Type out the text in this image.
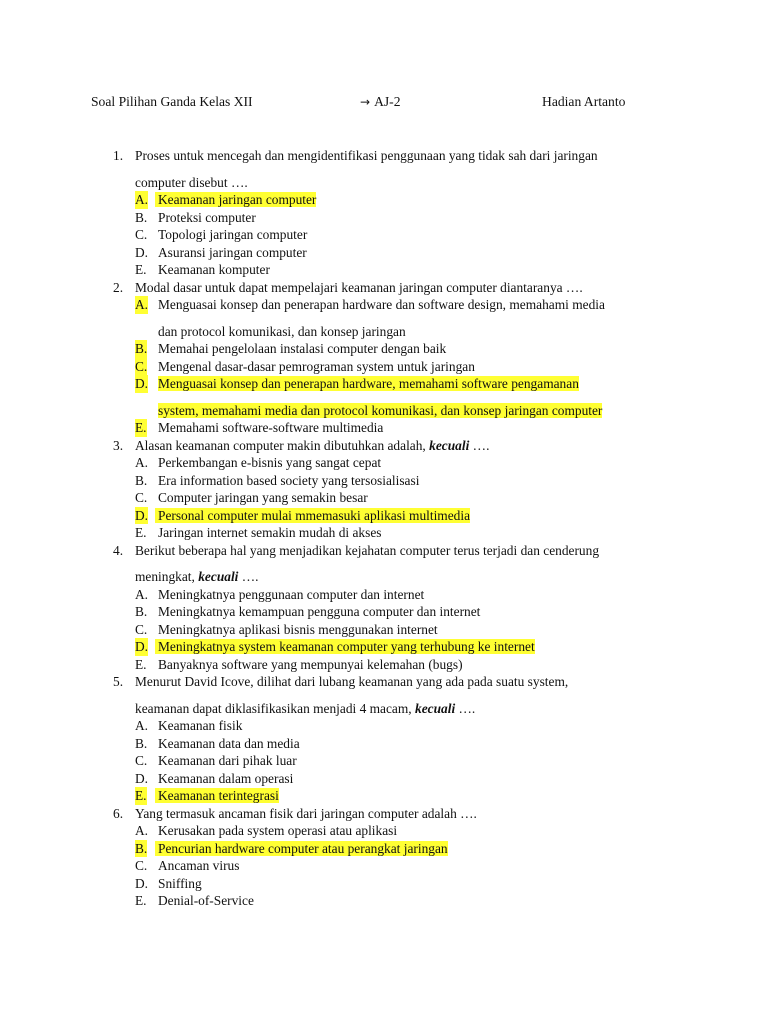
Soal Pilihan Ganda Kelas XII	→ AJ-2	Hadian Artanto
1. Proses untuk mencegah dan mengidentifikasi penggunaan yang tidak sah dari jaringan
computer disebut ….
A. Keamanan jaringan computer
B. Proteksi computer
C. Topologi jaringan computer
D. Asuransi jaringan computer
E. Keamanan komputer
2. Modal dasar untuk dapat mempelajari keamanan jaringan computer diantaranya ….
A. Menguasai konsep dan penerapan hardware dan software design, memahami media
dan protocol komunikasi, dan konsep jaringan
B. Memahai pengelolaan instalasi computer dengan baik
C. Mengenal dasar-dasar pemrograman system untuk jaringan
D. Menguasai konsep dan penerapan hardware, memahami software pengamanan
system, memahami media dan protocol komunikasi, dan konsep jaringan computer
E. Memahami software-software multimedia
3. Alasan keamanan computer makin dibutuhkan adalah, kecuali ….
A. Perkembangan e-bisnis yang sangat cepat
B. Era information based society yang tersosialisasi
C. Computer jaringan yang semakin besar
D. Personal computer mulai mmemasuki aplikasi multimedia
E. Jaringan internet semakin mudah di akses
4. Berikut beberapa hal yang menjadikan kejahatan computer terus terjadi dan cenderung
meningkat, kecuali ….
A. Meningkatnya penggunaan computer dan internet
B. Meningkatnya kemampuan pengguna computer dan internet
C. Meningkatnya aplikasi bisnis menggunakan internet
D. Meningkatnya system keamanan computer yang terhubung ke internet
E. Banyaknya software yang mempunyai kelemahan (bugs)
5. Menurut David Icove, dilihat dari lubang keamanan yang ada pada suatu system,
keamanan dapat diklasifikasikan menjadi 4 macam, kecuali ….
A. Keamanan fisik
B. Keamanan data dan media
C. Keamanan dari pihak luar
D. Keamanan dalam operasi
E. Keamanan terintegrasi
6. Yang termasuk ancaman fisik dari jaringan computer adalah ….
A. Kerusakan pada system operasi atau aplikasi
B. Pencurian hardware computer atau perangkat jaringan
C. Ancaman virus
D. Sniffing
E. Denial-of-Service
